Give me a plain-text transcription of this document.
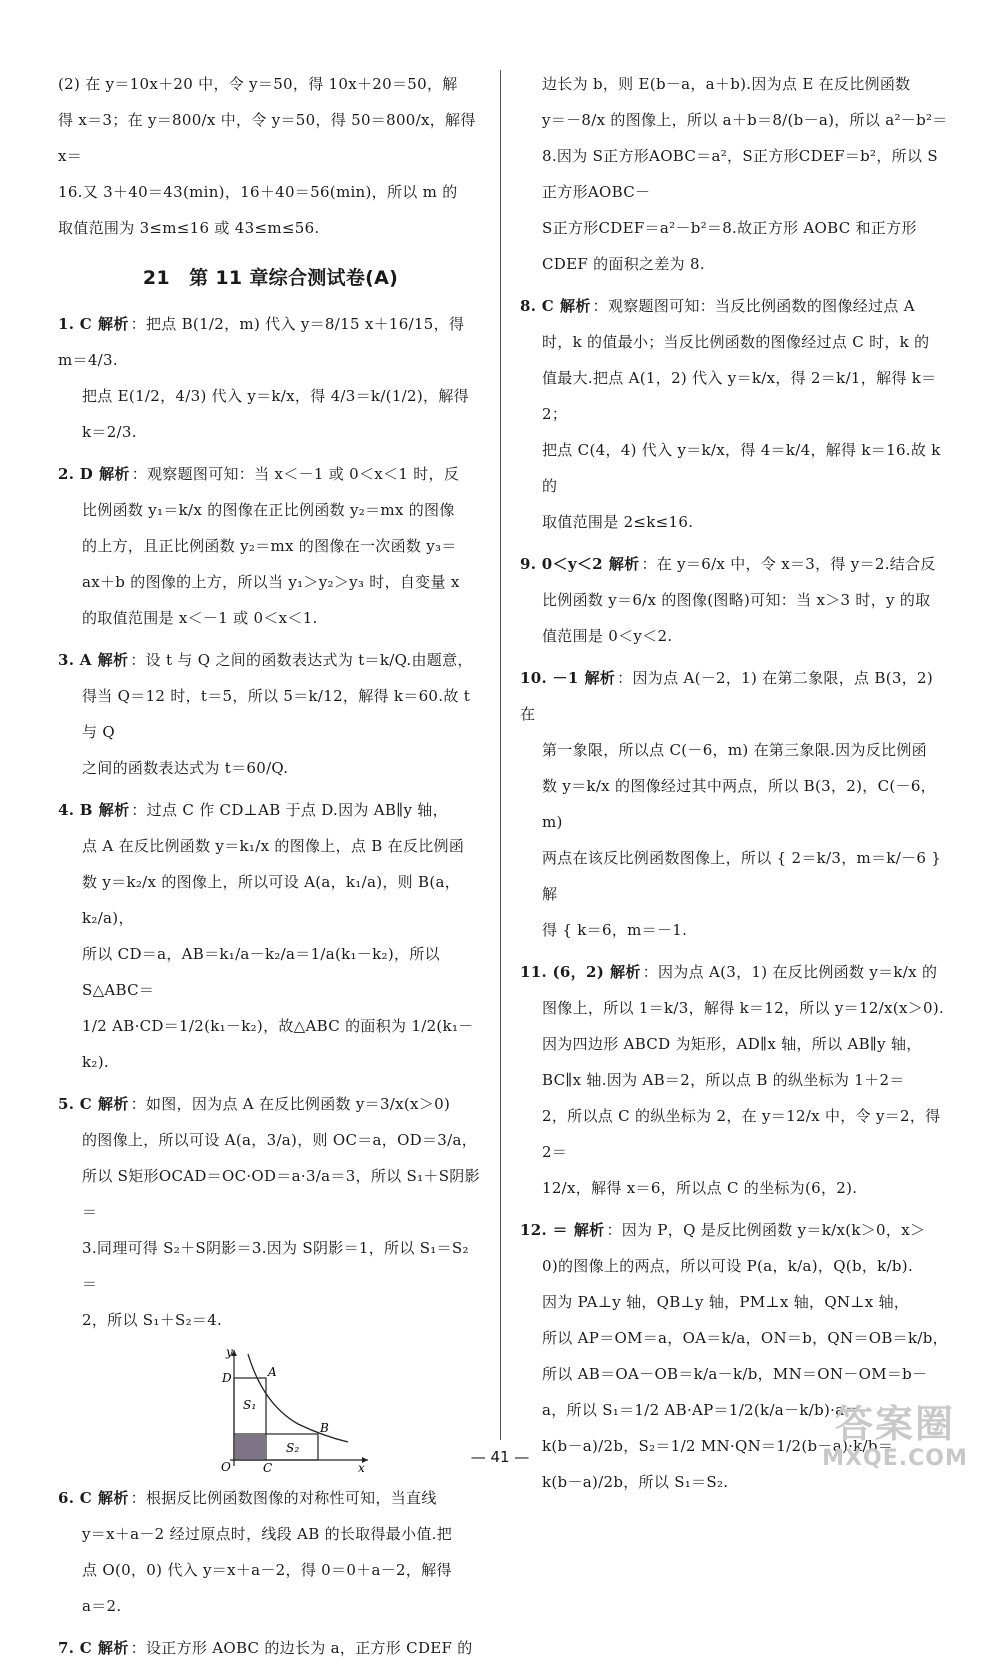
(2) 在 y＝10x＋20 中，令 y＝50，得 10x＋20＝50，解

得 x＝3；在 y＝800/x 中，令 y＝50，得 50＝800/x，解得 x＝

16.又 3＋40＝43(min)，16＋40＝56(min)，所以 m 的

取值范围为 3≤m≤16 或 43≤m≤56.

21　第 11 章综合测试卷(A)

1. C 解析 ：把点 B(1/2，m) 代入 y＝8/15 x＋16/15，得 m＝4/3.

把点 E(1/2，4/3) 代入 y＝k/x，得 4/3＝k/(1/2)，解得 k＝2/3.

2. D 解析 ：观察题图可知：当 x＜－1 或 0＜x＜1 时，反

比例函数 y₁＝k/x 的图像在正比例函数 y₂＝mx 的图像

的上方，且正比例函数 y₂＝mx 的图像在一次函数 y₃＝

ax＋b 的图像的上方，所以当 y₁＞y₂＞y₃ 时，自变量 x

的取值范围是 x＜－1 或 0＜x＜1.

3. A 解析 ：设 t 与 Q 之间的函数表达式为 t＝k/Q.由题意，

得当 Q＝12 时，t＝5，所以 5＝k/12，解得 k＝60.故 t 与 Q

之间的函数表达式为 t＝60/Q.

4. B 解析 ：过点 C 作 CD⊥AB 于点 D.因为 AB∥y 轴，

点 A 在反比例函数 y＝k₁/x 的图像上，点 B 在反比例函

数 y＝k₂/x 的图像上，所以可设 A(a，k₁/a)，则 B(a，k₂/a)，

所以 CD＝a，AB＝k₁/a－k₂/a＝1/a(k₁－k₂)，所以 S△ABC＝

1/2 AB·CD＝1/2(k₁－k₂)，故△ABC 的面积为 1/2(k₁－

k₂).

5. C 解析 ：如图，因为点 A 在反比例函数 y＝3/x(x＞0)

的图像上，所以可设 A(a，3/a)，则 OC＝a，OD＝3/a，

所以 S矩形OCAD＝OC·OD＝a·3/a＝3，所以 S₁＋S阴影＝

3.同理可得 S₂＋S阴影＝3.因为 S阴影＝1，所以 S₁＝S₂＝

2，所以 S₁＋S₂＝4.

x
y
O	C
D	A
B
S₁
S₂

6. C 解析 ：根据反比例函数图像的对称性可知，当直线

y＝x＋a－2 经过原点时，线段 AB 的长取得最小值.把

点 O(0，0) 代入 y＝x＋a－2，得 0＝0＋a－2，解得

a＝2.

7. C 解析 ：设正方形 AOBC 的边长为 a，正方形 CDEF 的

边长为 b，则 E(b－a，a＋b).因为点 E 在反比例函数

y＝－8/x 的图像上，所以 a＋b＝8/(b－a)，所以 a²－b²＝

8.因为 S正方形AOBC＝a²，S正方形CDEF＝b²，所以 S正方形AOBC－

S正方形CDEF＝a²－b²＝8.故正方形 AOBC 和正方形

CDEF 的面积之差为 8.

8. C 解析 ：观察题图可知：当反比例函数的图像经过点 A

时，k 的值最小；当反比例函数的图像经过点 C 时，k 的

值最大.把点 A(1，2) 代入 y＝k/x，得 2＝k/1，解得 k＝2；

把点 C(4，4) 代入 y＝k/x，得 4＝k/4，解得 k＝16.故 k 的

取值范围是 2≤k≤16.

9. 0＜y＜2 解析 ：在 y＝6/x 中，令 x＝3，得 y＝2.结合反

比例函数 y＝6/x 的图像(图略)可知：当 x＞3 时，y 的取

值范围是 0＜y＜2.

10. －1 解析 ：因为点 A(－2，1) 在第二象限，点 B(3，2) 在

第一象限，所以点 C(－6，m) 在第三象限.因为反比例函

数 y＝k/x 的图像经过其中两点，所以 B(3，2)，C(－6，m)

两点在该反比例函数图像上，所以 { 2＝k/3，m＝k/－6 } 解

得 { k＝6，m＝－1.

11. (6，2) 解析 ：因为点 A(3，1) 在反比例函数 y＝k/x 的

图像上，所以 1＝k/3，解得 k＝12，所以 y＝12/x(x＞0).

因为四边形 ABCD 为矩形，AD∥x 轴，所以 AB∥y 轴，

BC∥x 轴.因为 AB＝2，所以点 B 的纵坐标为 1＋2＝

2，所以点 C 的纵坐标为 2，在 y＝12/x 中，令 y＝2，得 2＝

12/x，解得 x＝6，所以点 C 的坐标为(6，2).

12. ＝ 解析 ：因为 P，Q 是反比例函数 y＝k/x(k＞0，x＞

0)的图像上的两点，所以可设 P(a，k/a)，Q(b，k/b).

因为 PA⊥y 轴，QB⊥y 轴，PM⊥x 轴，QN⊥x 轴，

所以 AP＝OM＝a，OA＝k/a，ON＝b，QN＝OB＝k/b，

所以 AB＝OA－OB＝k/a－k/b，MN＝ON－OM＝b－

a，所以 S₁＝1/2 AB·AP＝1/2(k/a－k/b)·a＝

k(b－a)/2b，S₂＝1/2 MN·QN＝1/2(b－a)·k/b＝

k(b－a)/2b，所以 S₁＝S₂.

— 41 —
答案圈
MXQE.COM
